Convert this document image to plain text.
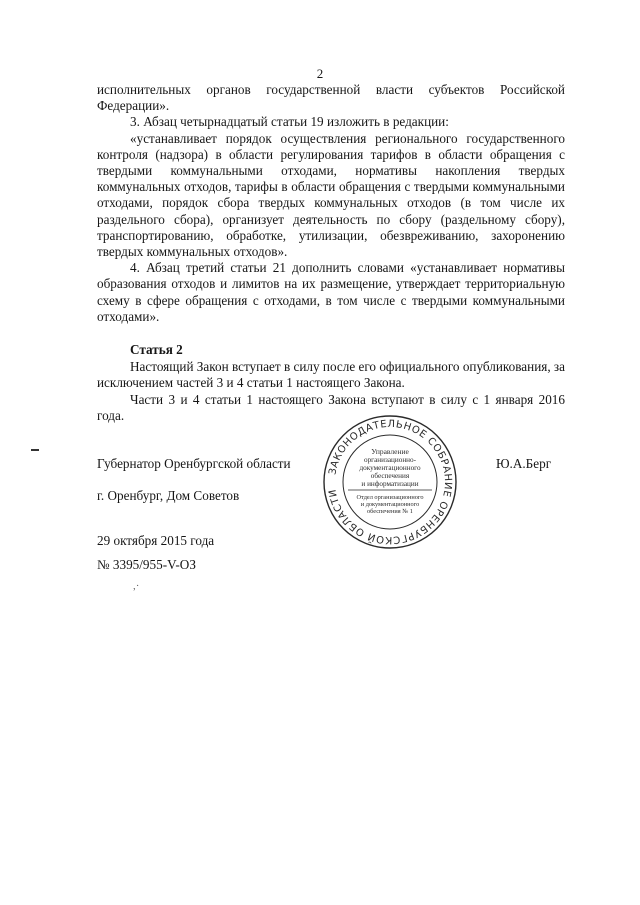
2

исполнительных органов государственной власти субъектов Российской Федерации».

3. Абзац четырнадцатый статьи 19 изложить в редакции:

«устанавливает порядок осуществления регионального государственного контроля (надзора) в области регулирования тарифов в области обращения с твердыми коммунальными отходами, нормативы накопления твердых коммунальных отходов, тарифы в области обращения с твердыми коммунальными отходами, порядок сбора твердых коммунальных отходов (в том числе их раздельного сбора), организует деятельность по сбору (раздельному сбору), транспортированию, обработке, утилизации, обезвреживанию, захоронению твердых коммунальных отходов».

4. Абзац третий статьи 21 дополнить словами «устанавливает нормативы образования отходов и лимитов на их размещение, утверждает территориальную схему в сфере обращения с отходами, в том числе с твердыми коммунальными отходами».

Статья 2

Настоящий Закон вступает в силу после его официального опубликования, за исключением частей 3 и 4 статьи 1 настоящего Закона.

Части 3 и 4 статьи 1 настоящего Закона вступают в силу с 1 января 2016 года.

Губернатор Оренбургской области	Ю.А.Берг
г. Оренбург, Дом Советов
29 октября 2015 года
№ 3395/955-V-ОЗ
ЗАКОНОДАТЕЛЬНОЕ СОБРАНИЕ ОРЕНБУРГСКОЙ ОБЛАСТИ
Управление
организационно-
документационного
обеспечения
и информатизации
Отдел организационного
и документационного
обеспечения № 1
,·
